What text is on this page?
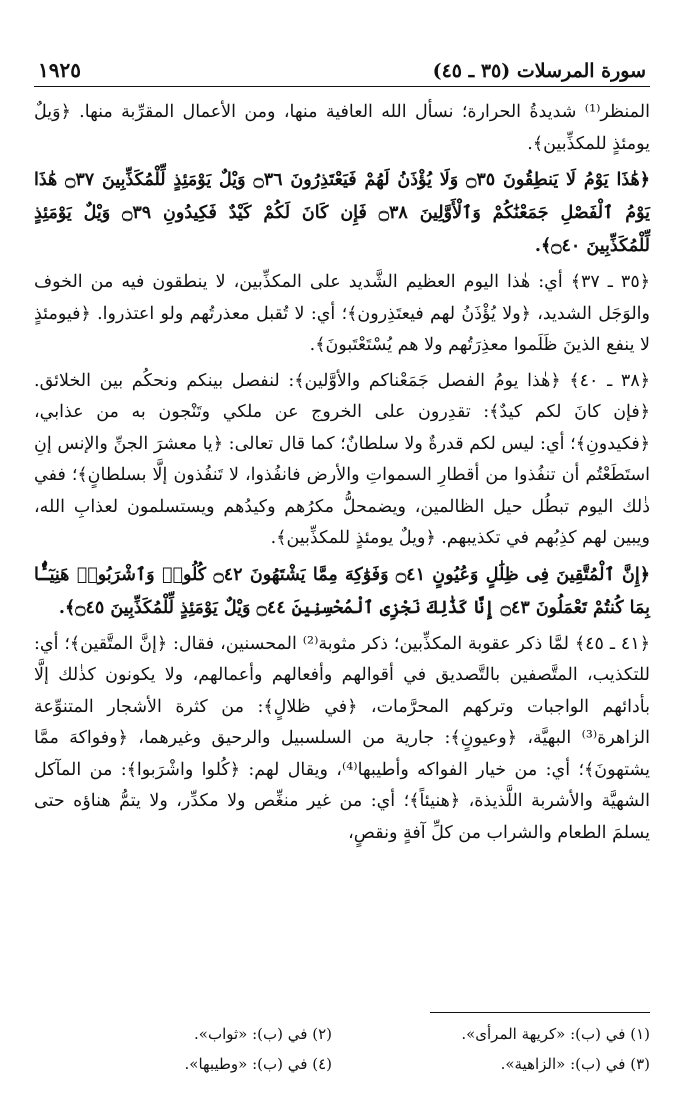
سورة المرسلات (٣٥ ـ ٤٥)
١٩٢٥

المنظر⁽¹⁾ شديدةُ الحرارة؛ نسأل الله العافية منها، ومن الأعمال المقرِّبة منها. ﴿وَيلٌ يومئذٍ للمكذِّبين﴾.

﴿هَٰذَا يَوْمُ لَا يَنطِقُونَ ۝٣٥ وَلَا يُؤْذَنُ لَهُمْ فَيَعْتَذِرُونَ ۝٣٦ وَيْلٌ يَوْمَئِذٍ لِّلْمُكَذِّبِينَ ۝٣٧ هَٰذَا يَوْمُ ٱلْفَصْلِ جَمَعْنَٰكُمْ وَٱلْأَوَّلِينَ ۝٣٨ فَإِن كَانَ لَكُمْ كَيْدٌ فَكِيدُونِ ۝٣٩ وَيْلٌ يَوْمَئِذٍ لِّلْمُكَذِّبِينَ ۝٤٠﴾.

﴿٣٥ ـ ٣٧﴾ أي: هٰذا اليوم العظيم الشَّديد على المكذِّبين، لا ينطقون فيه من الخوف والوَجَل الشديد، ﴿ولا يُؤْذَنُ لهم فيعتَذِرون﴾؛ أي: لا تُقبل معذرتُهم ولو اعتذروا. ﴿فيومئذٍ لا ينفع الذينَ ظَلَموا معذِرَتُهم ولا هم يُسْتَعْتَبونَ﴾.

﴿٣٨ ـ ٤٠﴾ ﴿هٰذا يومُ الفصل جَمَعْناكم والأوَّلين﴾: لنفصل بينكم ونحكُم بين الخلائق. ﴿فإن كانَ لكم كيدٌ﴾: تقدِرون على الخروج عن ملكي وتَنْجون به من عذابي، ﴿فكيدونِ﴾؛ أي: ليس لكم قدرةٌ ولا سلطانٌ؛ كما قال تعالى: ﴿يا معشرَ الجنِّ والإنس إنِ استَطَعْتُم أن تنفُذوا من أقطارِ السمواتِ والأرض فانفُذوا، لا تَنفُذون إلَّا بسلطانٍ﴾؛ ففي ذٰلك اليوم تبطُل حيل الظالمين، ويضمحلُّ مكرُهم وكيدُهم ويستسلمون لعذابِ الله، ويبين لهم كذِبُهم في تكذيبهم. ﴿ويلٌ يومئذٍ للمكذِّبين﴾.

﴿إِنَّ ٱلْمُتَّقِينَ فِى ظِلَٰلٍ وَعُيُونٍ ۝٤١ وَفَوَٰكِهَ مِمَّا يَشْتَهُونَ ۝٤٢ كُلُوا۟ وَٱشْرَبُوا۟ هَنِيٓـًٔۢا بِمَا كُنتُمْ تَعْمَلُونَ ۝٤٣ إِنَّا كَذَٰلِكَ نَجْزِى ٱلْمُحْسِنِينَ ۝٤٤ وَيْلٌ يَوْمَئِذٍ لِّلْمُكَذِّبِينَ ۝٤٥﴾.

﴿٤١ ـ ٤٥﴾ لمَّا ذكر عقوبة المكذِّبين؛ ذكر مثوبة⁽²⁾ المحسنين، فقال: ﴿إنَّ المتَّقين﴾؛ أي: للتكذيب، المتَّصفين بالتَّصديق في أقوالهم وأفعالهم وأعمالهم، ولا يكونون كذٰلك إلَّا بأدائهم الواجبات وتركهم المحرَّمات، ﴿في ظلالٍ﴾: من كثرة الأشجار المتنوِّعة الزاهرة⁽³⁾ البهيَّة، ﴿وعيونٍ﴾: جارية من السلسبيل والرحيق وغيرهما، ﴿وفواكهَ ممَّا يشتهونَ﴾؛ أي: من خيار الفواكه وأطيبها⁽⁴⁾، ويقال لهم: ﴿كُلوا واشْرَبوا﴾: من المآكل الشهيَّة والأشربة اللَّذيذة، ﴿هنيئاً﴾؛ أي: من غير منغِّص ولا مكدِّر، ولا يتمُّ هناؤه حتى يسلمَ الطعام والشراب من كلِّ آفةٍ ونقصٍ،

(١) في (ب): «كريهة المرأى».
(٢) في (ب): «ثواب».
(٣) في (ب): «الزاهية».
(٤) في (ب): «وطيبها».
